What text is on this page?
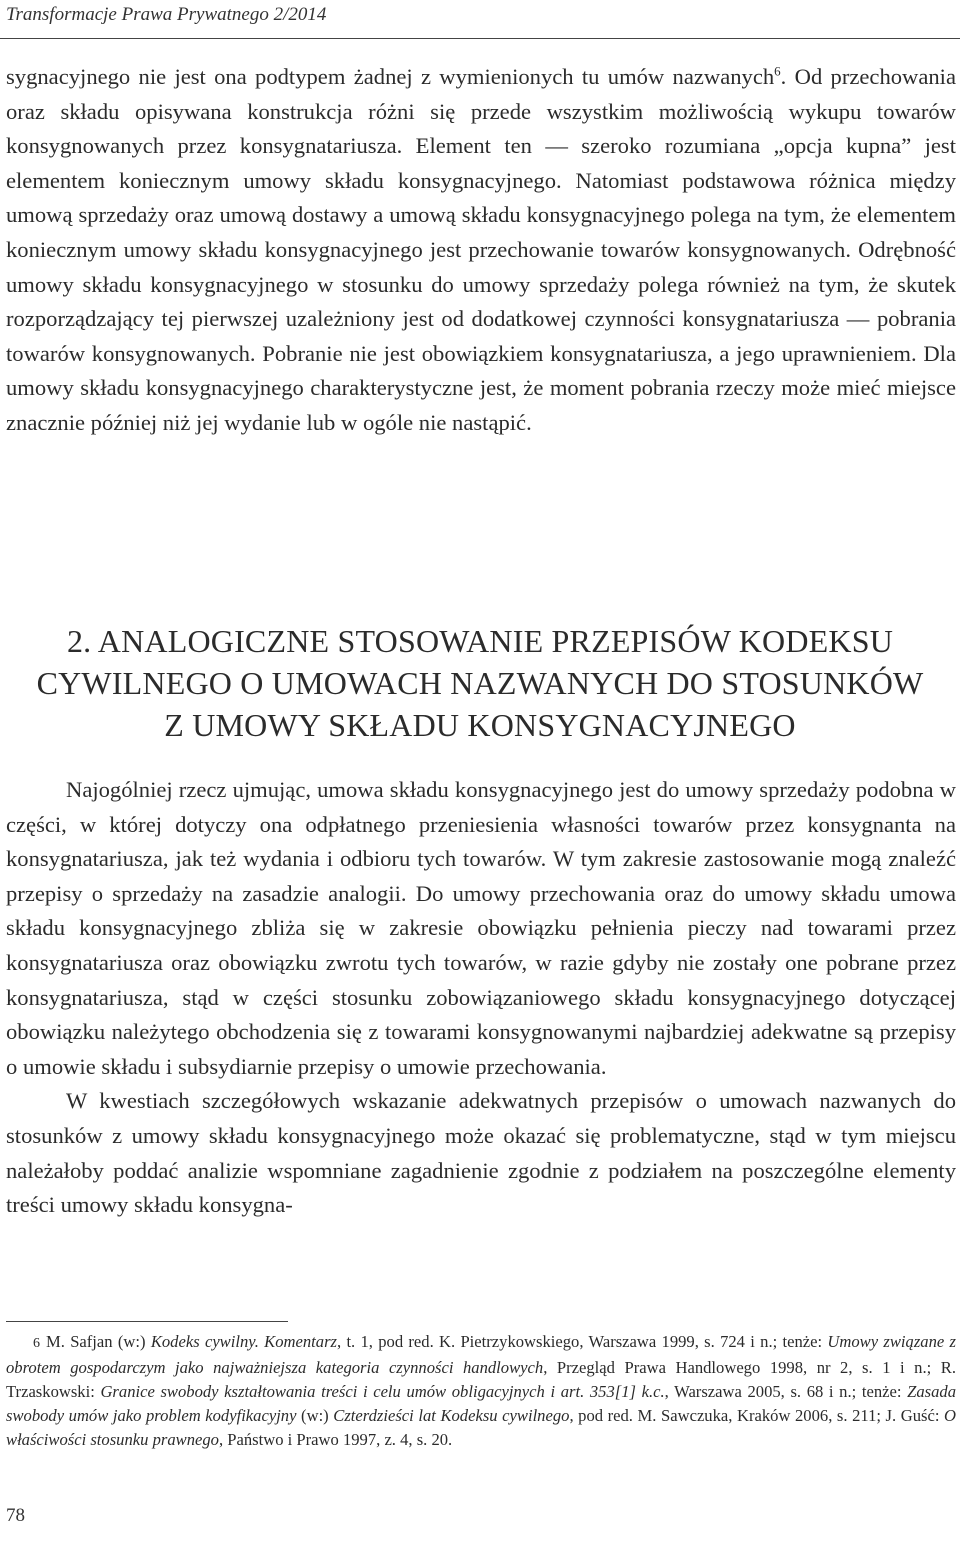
Transformacje Prawa Prywatnego 2/2014

sygnacyjnego nie jest ona podtypem żadnej z wymienionych tu umów nazwanych$^6$. Od przechowania oraz składu opisywana konstrukcja różni się przede wszystkim możliwością wykupu towarów konsygnowanych przez konsygnatariusza. Element ten — szeroko rozumiana „opcja kupna” jest elementem koniecznym umowy składu konsygnacyjnego. Natomiast podstawowa różnica między umową sprzedaży oraz umową dostawy a umową składu konsygnacyjnego polega na tym, że elementem koniecznym umowy składu konsygnacyjnego jest przechowanie towarów konsygnowanych. Odrębność umowy składu konsygnacyjnego w stosunku do umowy sprzedaży polega również na tym, że skutek rozporządzający tej pierwszej uzależniony jest od dodatkowej czynności konsygnatariusza — pobrania towarów konsygnowanych. Pobranie nie jest obowiązkiem konsygnatariusza, a jego uprawnieniem. Dla umowy składu konsygnacyjnego charakterystyczne jest, że moment pobrania rzeczy może mieć miejsce znacznie później niż jej wydanie lub w ogóle nie nastąpić.

2. ANALOGICZNE STOSOWANIE PRZEPISÓW KODEKSU
CYWILNEGO O UMOWACH NAZWANYCH DO STOSUNKÓW
Z UMOWY SKŁADU KONSYGNACYJNEGO

Najogólniej rzecz ujmując, umowa składu konsygnacyjnego jest do umowy sprzedaży podobna w części, w której dotyczy ona odpłatnego przeniesienia własności towarów przez konsygnanta na konsygnatariusza, jak też wydania i odbioru tych towarów. W tym zakresie zastosowanie mogą znaleźć przepisy o sprzedaży na zasadzie analogii. Do umowy przechowania oraz do umowy składu umowa składu konsygnacyjnego zbliża się w zakresie obowiązku pełnienia pieczy nad towarami przez konsygnatariusza oraz obowiązku zwrotu tych towarów, w razie gdyby nie zostały one pobrane przez konsygnatariusza, stąd w części stosunku zobowiązaniowego składu konsygnacyjnego dotyczącej obowiązku należytego obchodzenia się z towarami konsygnowanymi najbardziej adekwatne są przepisy o umowie składu i subsydiarnie przepisy o umowie przechowania.

W kwestiach szczegółowych wskazanie adekwatnych przepisów o umowach nazwanych do stosunków z umowy składu konsygnacyjnego może okazać się problematyczne, stąd w tym miejscu należałoby poddać analizie wspomniane zagadnienie zgodnie z podziałem na poszczególne elementy treści umowy składu konsygna-

6 M. Safjan (w:) Kodeks cywilny. Komentarz, t. 1, pod red. K. Pietrzykowskiego, Warszawa 1999, s. 724 i n.; tenże: Umowy związane z obrotem gospodarczym jako najważniejsza kategoria czynności handlowych, Przegląd Prawa Handlowego 1998, nr 2, s. 1 i n.; R. Trzaskowski: Granice swobody kształtowania treści i celu umów obligacyjnych i art. 353[1] k.c., Warszawa 2005, s. 68 i n.; tenże: Zasada swobody umów jako problem kodyfikacyjny (w:) Czterdzieści lat Kodeksu cywilnego, pod red. M. Sawczuka, Kraków 2006, s. 211; J. Guść: O właściwości stosunku prawnego, Państwo i Prawo 1997, z. 4, s. 20.
78
